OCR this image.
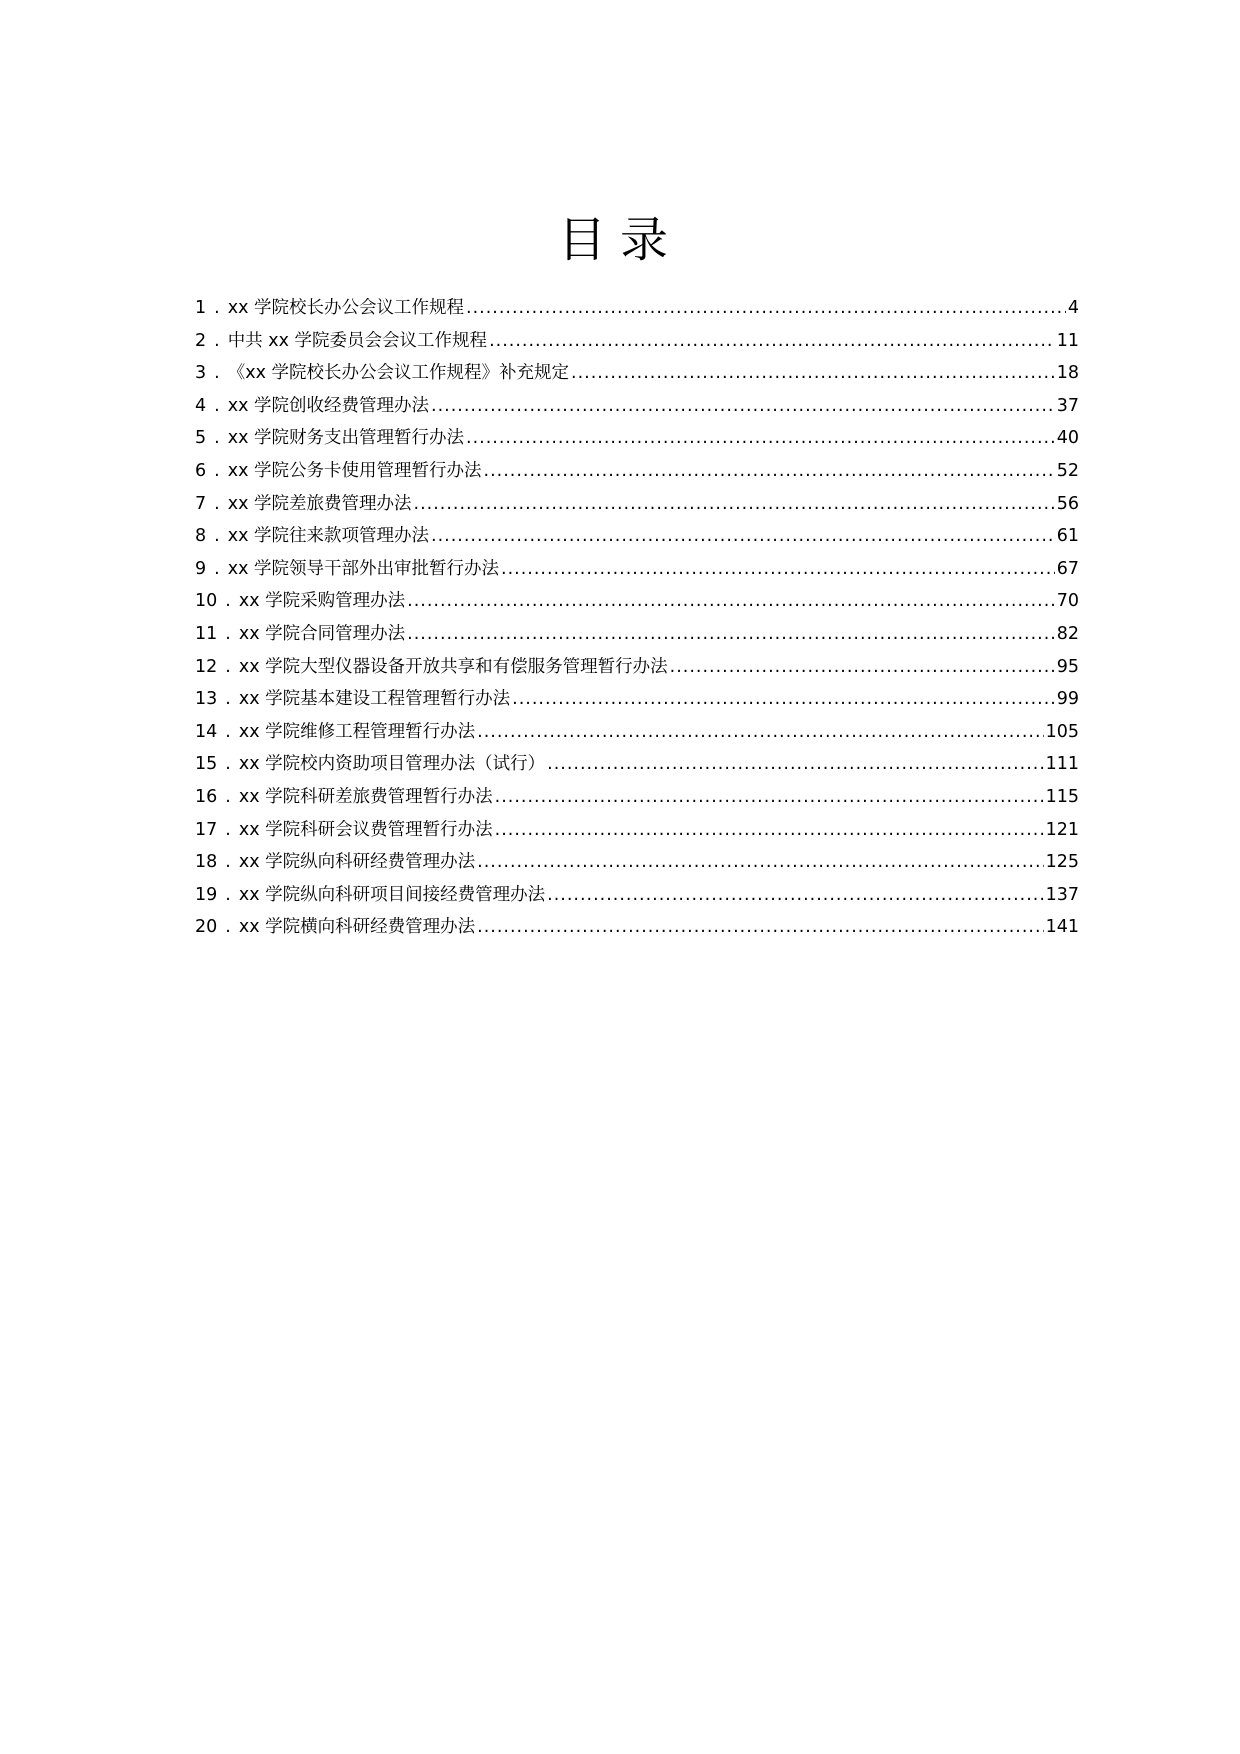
目录
1 . xx 学院校长办公会议工作规程 .....	4
2 . 中共 xx 学院委员会会议工作规程 .....	11
3 . 《xx 学院校长办公会议工作规程》补充规定 .....	18
4 . xx 学院创收经费管理办法 .....	37
5 . xx 学院财务支出管理暂行办法 .....	40
6 . xx 学院公务卡使用管理暂行办法 .....	52
7 . xx 学院差旅费管理办法 .....	56
8 . xx 学院往来款项管理办法 .....	61
9 . xx 学院领导干部外出审批暂行办法 .....	67
10 . xx 学院采购管理办法 .....	70
11 . xx 学院合同管理办法 .....	82
12 . xx 学院大型仪器设备开放共享和有偿服务管理暂行办法 .....	95
13 . xx 学院基本建设工程管理暂行办法 .....	99
14 . xx 学院维修工程管理暂行办法 .....	105
15 . xx 学院校内资助项目管理办法（试行） .....	111
16 . xx 学院科研差旅费管理暂行办法 .....	115
17 . xx 学院科研会议费管理暂行办法 .....	121
18 . xx 学院纵向科研经费管理办法 .....	125
19 . xx 学院纵向科研项目间接经费管理办法 .....	137
20 . xx 学院横向科研经费管理办法 .....	141
